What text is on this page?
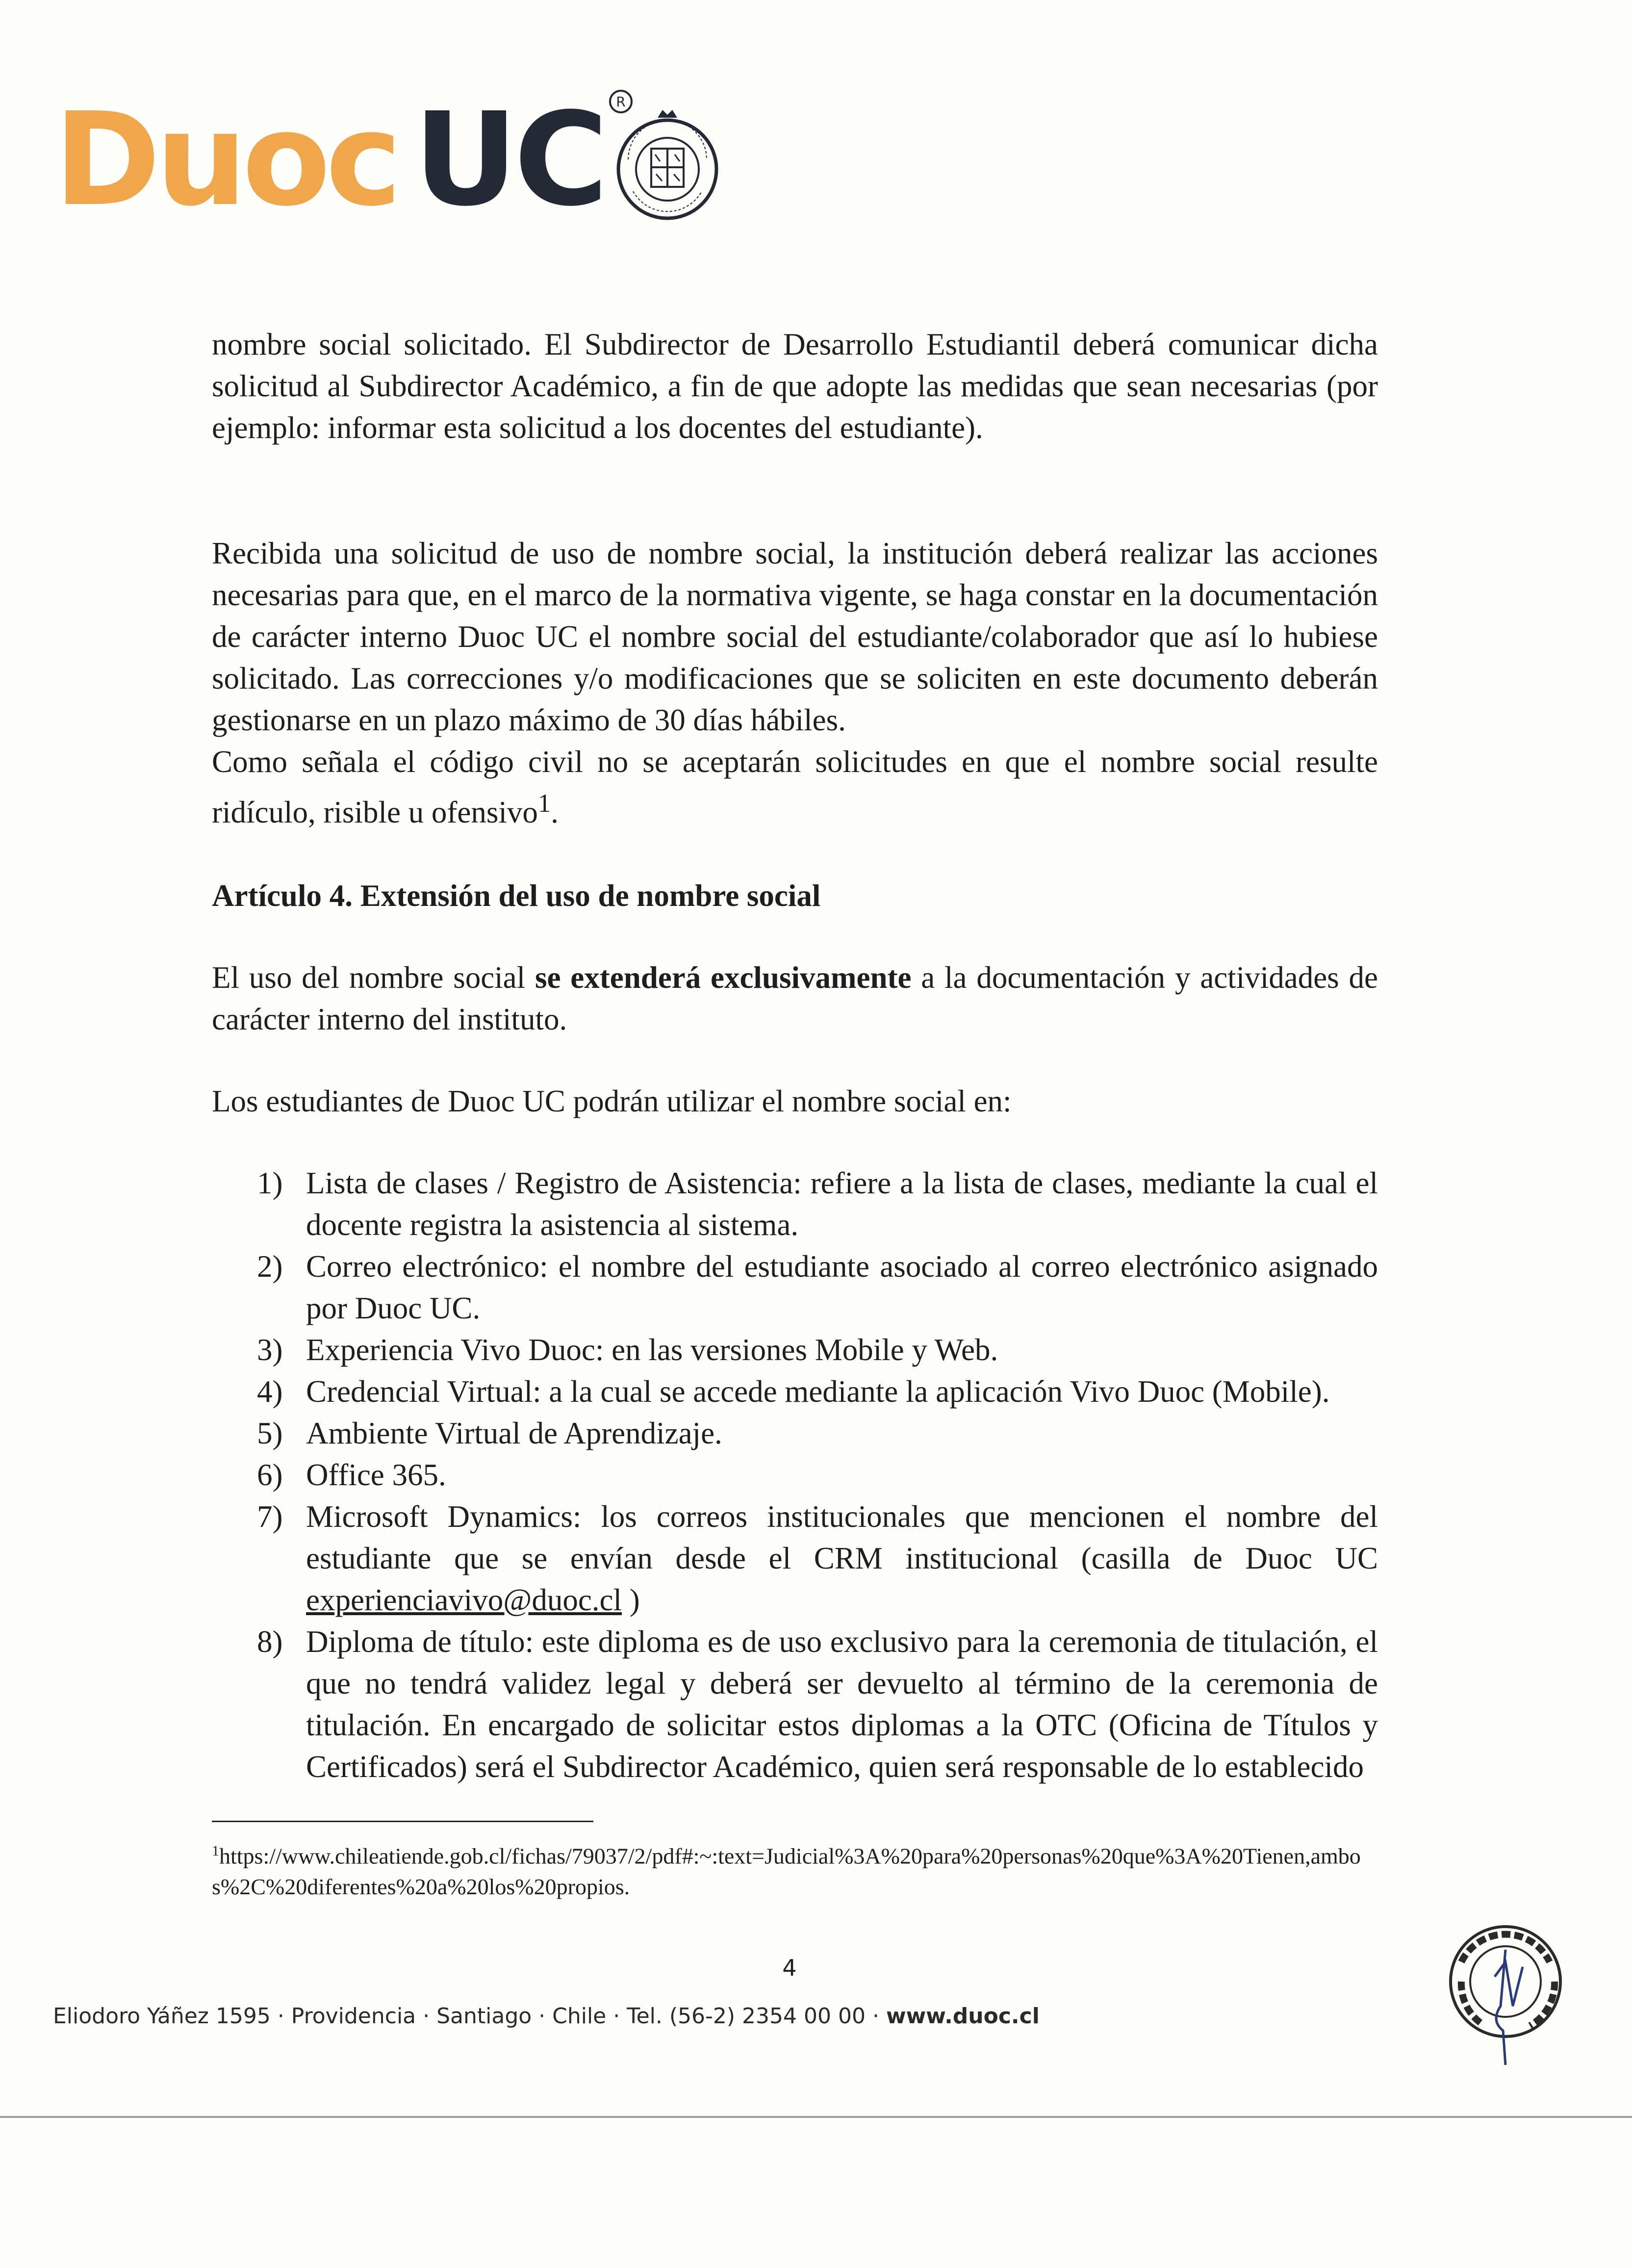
Duoc UC R

nombre social solicitado. El Subdirector de Desarrollo Estudiantil deberá comunicar dicha solicitud al Subdirector Académico, a fin de que adopte las medidas que sean necesarias (por ejemplo: informar esta solicitud a los docentes del estudiante).

Recibida una solicitud de uso de nombre social, la institución deberá realizar las acciones necesarias para que, en el marco de la normativa vigente, se haga constar en la documentación de carácter interno Duoc UC el nombre social del estudiante/colaborador que así lo hubiese solicitado. Las correcciones y/o modificaciones que se soliciten en este documento deberán gestionarse en un plazo máximo de 30 días hábiles.

Como señala el código civil no se aceptarán solicitudes en que el nombre social resulte ridículo, risible u ofensivo$^1$.

Artículo 4. Extensión del uso de nombre social

El uso del nombre social se extenderá exclusivamente a la documentación y actividades de carácter interno del instituto.

Los estudiantes de Duoc UC podrán utilizar el nombre social en:

1) Lista de clases / Registro de Asistencia: refiere a la lista de clases, mediante la cual el docente registra la asistencia al sistema.
2) Correo electrónico: el nombre del estudiante asociado al correo electrónico asignado por Duoc UC.
3) Experiencia Vivo Duoc: en las versiones Mobile y Web.
4) Credencial Virtual: a la cual se accede mediante la aplicación Vivo Duoc (Mobile).
5) Ambiente Virtual de Aprendizaje.
6) Office 365.
7) Microsoft Dynamics: los correos institucionales que mencionen el nombre del estudiante que se envían desde el CRM institucional (casilla de Duoc UC experienciavivo@duoc.cl )
8) Diploma de título: este diploma es de uso exclusivo para la ceremonia de titulación, el que no tendrá validez legal y deberá ser devuelto al término de la ceremonia de titulación. En encargado de solicitar estos diplomas a la OTC (Oficina de Títulos y Certificados) será el Subdirector Académico, quien será responsable de lo establecido
$^1$https://www.chileatiende.gob.cl/fichas/79037/2/pdf#:~:text=Judicial%3A%20para%20personas%20que%3A%20Tienen,ambos%2C%20diferentes%20a%20los%20propios.
4
Eliodoro Yáñez 1595 · Providencia · Santiago · Chile · Tel. (56-2) 2354 00 00 · www.duoc.cl
